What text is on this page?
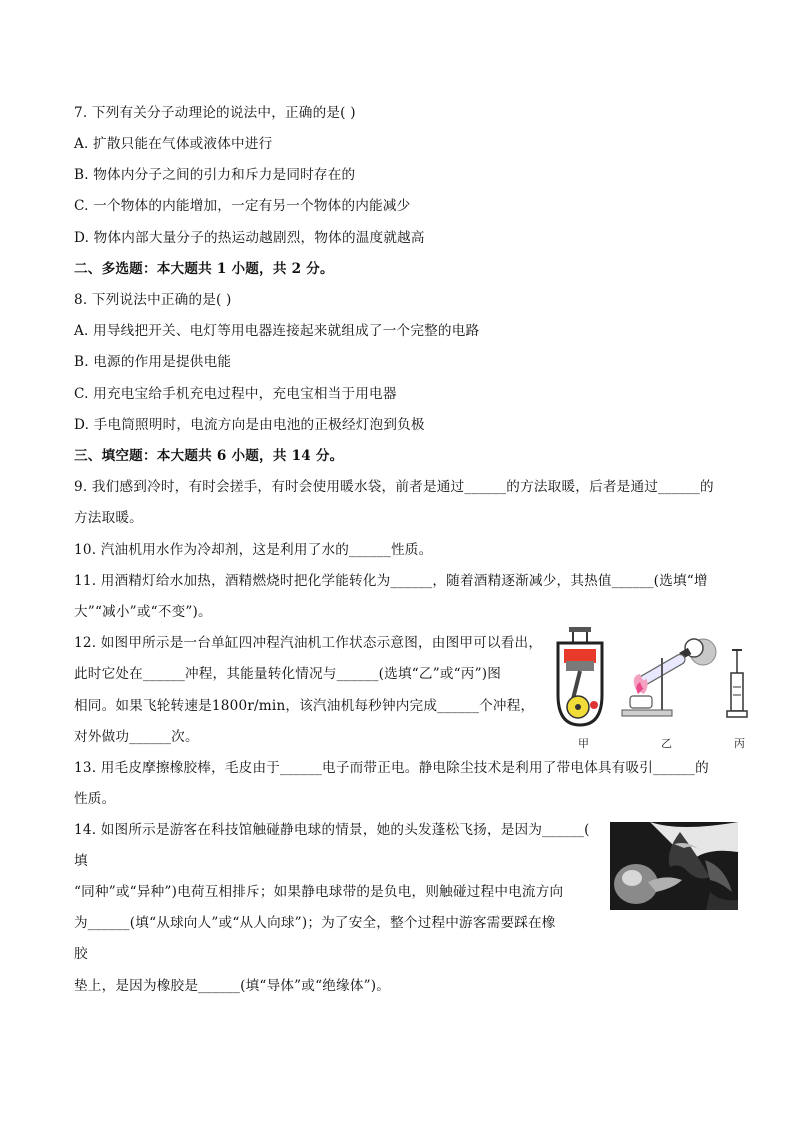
7. 下列有关分子动理论的说法中，正确的是( )
A. 扩散只能在气体或液体中进行
B. 物体内分子之间的引力和斥力是同时存在的
C. 一个物体的内能增加，一定有另一个物体的内能减少
D. 物体内部大量分子的热运动越剧烈，物体的温度就越高
二、多选题：本大题共 1 小题，共 2 分。
8. 下列说法中正确的是( )
A. 用导线把开关、电灯等用电器连接起来就组成了一个完整的电路
B. 电源的作用是提供电能
C. 用充电宝给手机充电过程中，充电宝相当于用电器
D. 手电筒照明时，电流方向是由电池的正极经灯泡到负极
三、填空题：本大题共 6 小题，共 14 分。
9. 我们感到冷时，有时会搓手，有时会使用暖水袋，前者是通过______的方法取暖，后者是通过______的
方法取暖。
10. 汽油机用水作为冷却剂，这是利用了水的______性质。
11. 用酒精灯给水加热，酒精燃烧时把化学能转化为______，随着酒精逐渐减少，其热值______(选填“增
大”“减小”或“不变”)。
12. 如图甲所示是一台单缸四冲程汽油机工作状态示意图，由图甲可以看出，
此时它处在______冲程，其能量转化情况与______(选填“乙”或“丙”)图
相同。如果飞轮转速是1800r/min，该汽油机每秒钟内完成______个冲程，
对外做功______次。	甲	乙	丙
13. 用毛皮摩擦橡胶棒，毛皮由于______电子而带正电。静电除尘技术是利用了带电体具有吸引______的
性质。
14. 如图所示是游客在科技馆触碰静电球的情景，她的头发蓬松飞扬，是因为______(
填
“同种”或“异种”)电荷互相排斥；如果静电球带的是负电，则触碰过程中电流方向
为______(填“从球向人”或“从人向球”)；为了安全，整个过程中游客需要踩在橡
胶
垫上，是因为橡胶是______(填“导体”或“绝缘体”)。
